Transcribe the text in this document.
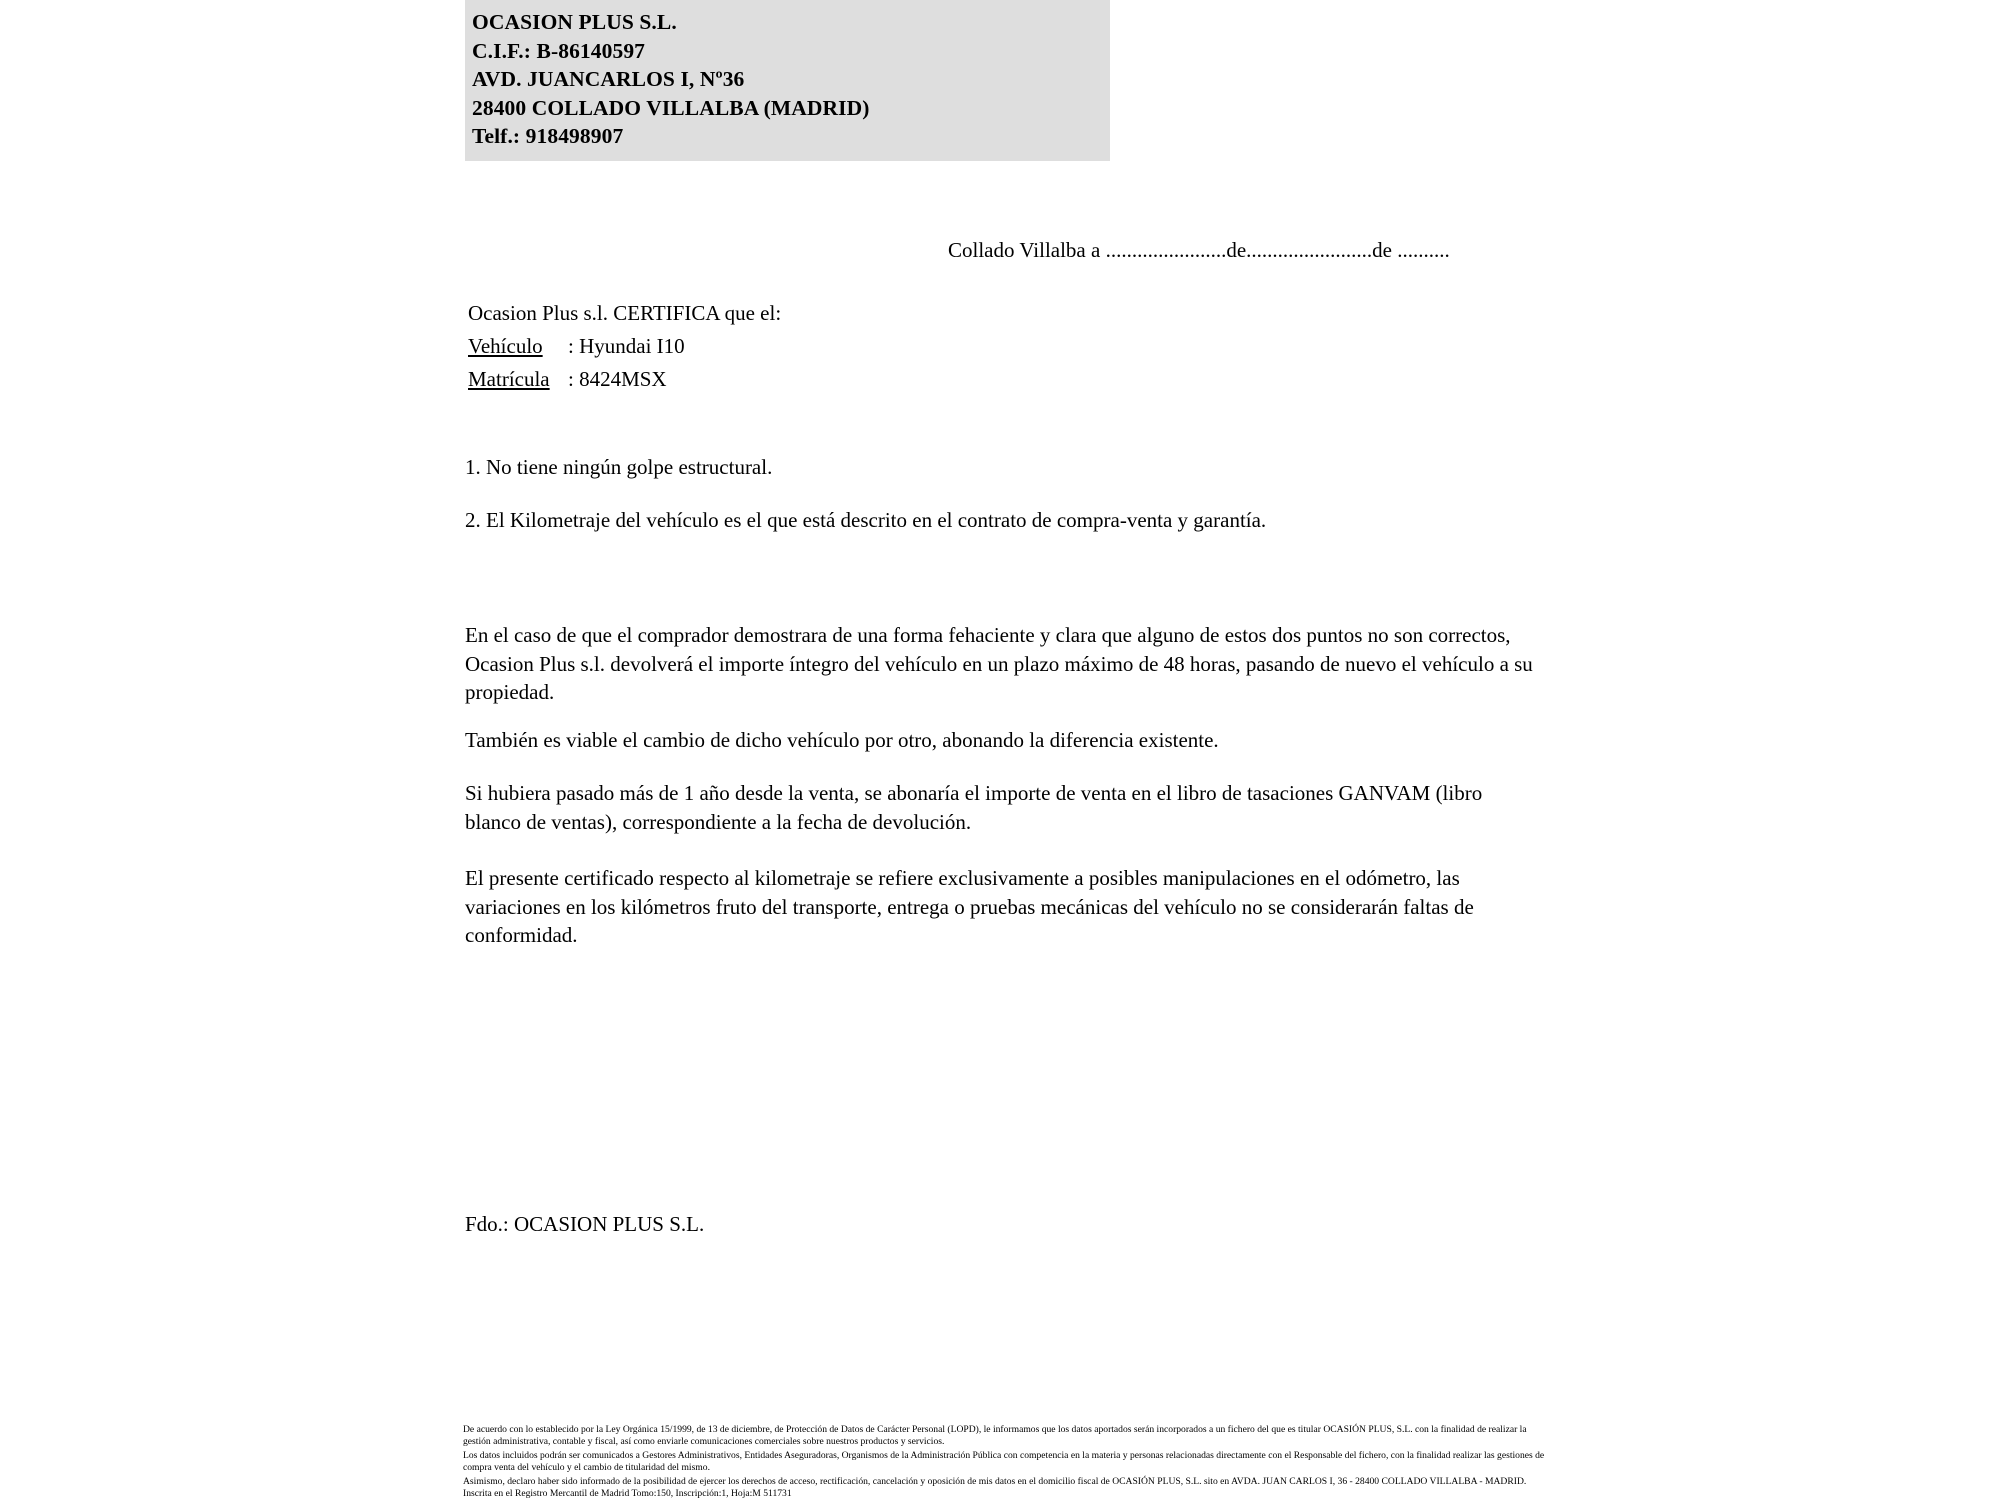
OCASION PLUS S.L.
C.I.F.: B-86140597
AVD. JUANCARLOS I, Nº36
28400 COLLADO VILLALBA (MADRID)
Telf.: 918498907
Collado Villalba a .......................de........................de ..........
Ocasion Plus s.l. CERTIFICA que el:
Vehículo : Hyundai I10
Matrícula : 8424MSX
1. No tiene ningún golpe estructural.
2. El Kilometraje del vehículo es el que está descrito en el contrato de compra-venta y garantía.
En el caso de que el comprador demostrara de una forma fehaciente y clara que alguno de estos dos puntos no son correctos, Ocasion Plus s.l. devolverá el importe íntegro del vehículo en un plazo máximo de 48 horas, pasando de nuevo el vehículo a su propiedad.
También es viable el cambio de dicho vehículo por otro, abonando la diferencia existente.
Si hubiera pasado más de 1 año desde la venta, se abonaría el importe de venta en el libro de tasaciones GANVAM (libro blanco de ventas), correspondiente a la fecha de devolución.
El presente certificado respecto al kilometraje se refiere exclusivamente a posibles manipulaciones en el odómetro, las variaciones en los kilómetros fruto del transporte, entrega o pruebas mecánicas del vehículo no se considerarán faltas de conformidad.
Fdo.: OCASION PLUS S.L.

De acuerdo con lo establecido por la Ley Orgánica 15/1999, de 13 de diciembre, de Protección de Datos de Carácter Personal (LOPD), le informamos que los datos aportados serán incorporados a un fichero del que es titular OCASIÓN PLUS, S.L. con la finalidad de realizar la gestión administrativa, contable y fiscal, así como enviarle comunicaciones comerciales sobre nuestros productos y servicios.

Los datos incluidos podrán ser comunicados a Gestores Administrativos, Entidades Aseguradoras, Organismos de la Administración Pública con competencia en la materia y personas relacionadas directamente con el Responsable del fichero, con la finalidad realizar las gestiones de compra venta del vehículo y el cambio de titularidad del mismo.

Asimismo, declaro haber sido informado de la posibilidad de ejercer los derechos de acceso, rectificación, cancelación y oposición de mis datos en el domicilio fiscal de OCASIÓN PLUS, S.L. sito en AVDA. JUAN CARLOS I, 36 - 28400 COLLADO VILLALBA - MADRID. Inscrita en el Registro Mercantil de Madrid Tomo:150, Inscripción:1, Hoja:M 511731
